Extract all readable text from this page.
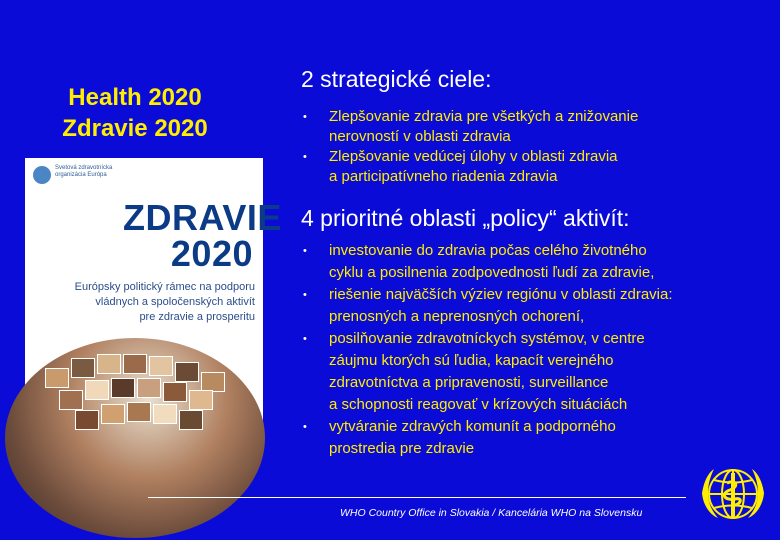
Health 2020
Zdravie 2020
Svetová zdravotnícka organizácia Európa
ZDRAVIE
2020
Európsky politický rámec na podporu
vládnych a spoločenských aktivít
pre zdravie a prosperitu
2 strategické ciele:
• Zlepšovanie zdravia pre všetkých a znižovanie
nerovností v oblasti zdravia
• Zlepšovanie vedúcej úlohy v oblasti zdravia
a participatívneho riadenia zdravia
4 prioritné oblasti „policy“ aktivít:
• investovanie do zdravia počas celého životného
cyklu a posilnenia zodpovednosti ľudí za zdravie,
• riešenie najväčších výziev regiónu v oblasti zdravia:
prenosných a neprenosných ochorení,
• posilňovanie zdravotníckych systémov, v centre
záujmu ktorých sú ľudia, kapacít verejného
zdravotníctva a pripravenosti, surveillance
a schopnosti reagovať v krízových situáciách
• vytváranie zdravých komunít a podporného
prostredia pre zdravie
WHO Country Office in Slovakia / Kancelária WHO na Slovensku
